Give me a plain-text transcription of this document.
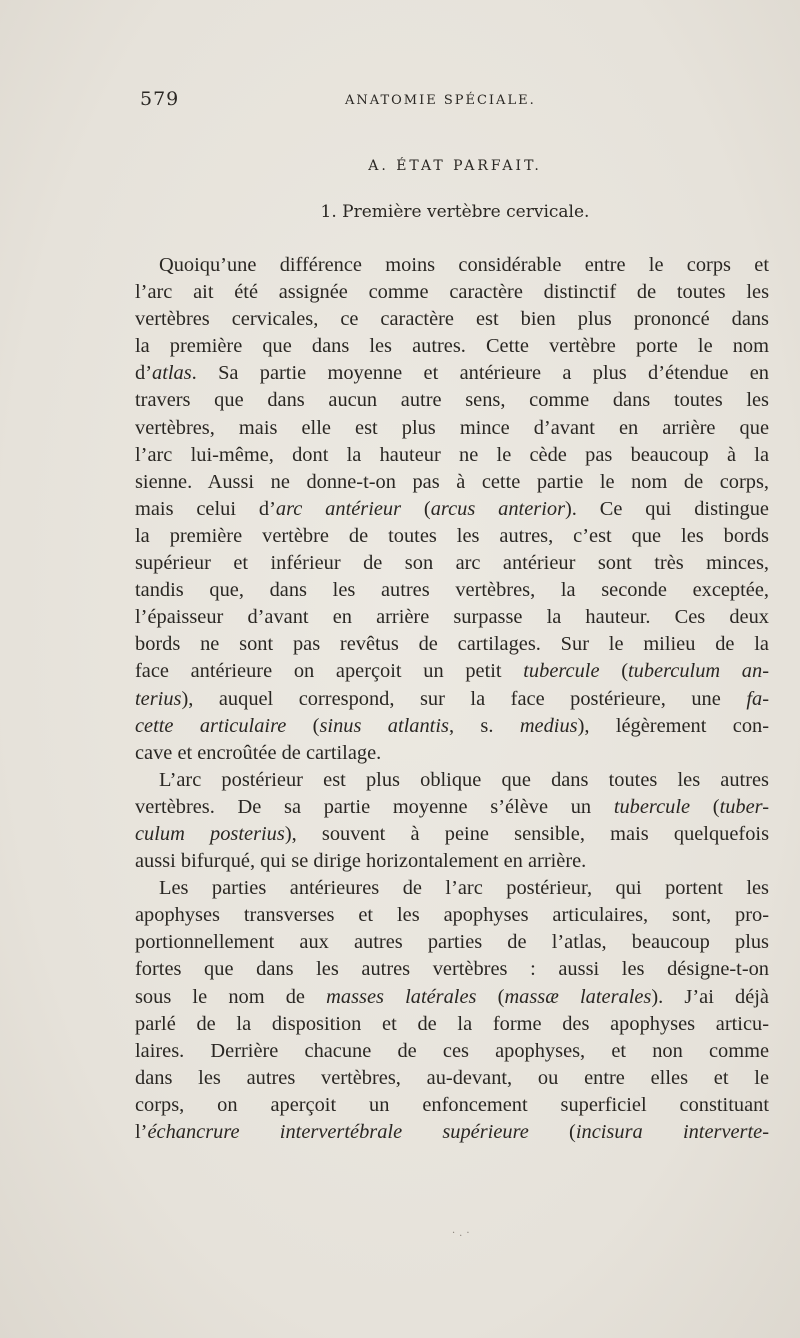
579	ANATOMIE SPÉCIALE.
A. ÉTAT PARFAIT.
1. Première vertèbre cervicale.
Quoiqu’une différence moins considérable entre le corps et
l’arc ait été assignée comme caractère distinctif de toutes les
vertèbres cervicales, ce caractère est bien plus prononcé dans
la première que dans les autres. Cette vertèbre porte le nom
d’atlas. Sa partie moyenne et antérieure a plus d’étendue en
travers que dans aucun autre sens, comme dans toutes les
vertèbres, mais elle est plus mince d’avant en arrière que
l’arc lui-même, dont la hauteur ne le cède pas beaucoup à la
sienne. Aussi ne donne-t-on pas à cette partie le nom de corps,
mais celui d’arc antérieur (arcus anterior). Ce qui distingue
la première vertèbre de toutes les autres, c’est que les bords
supérieur et inférieur de son arc antérieur sont très minces,
tandis que, dans les autres vertèbres, la seconde exceptée,
l’épaisseur d’avant en arrière surpasse la hauteur. Ces deux
bords ne sont pas revêtus de cartilages. Sur le milieu de la
face antérieure on aperçoit un petit tubercule (tuberculum an-
terius), auquel correspond, sur la face postérieure, une fa-
cette articulaire (sinus atlantis, s. medius), légèrement con-
cave et encroûtée de cartilage.
L’arc postérieur est plus oblique que dans toutes les autres
vertèbres. De sa partie moyenne s’élève un tubercule (tuber-
culum posterius), souvent à peine sensible, mais quelquefois
aussi bifurqué, qui se dirige horizontalement en arrière.
Les parties antérieures de l’arc postérieur, qui portent les
apophyses transverses et les apophyses articulaires, sont, pro-
portionnellement aux autres parties de l’atlas, beaucoup plus
fortes que dans les autres vertèbres : aussi les désigne-t-on
sous le nom de masses latérales (massæ laterales). J’ai déjà
parlé de la disposition et de la forme des apophyses articu-
laires. Derrière chacune de ces apophyses, et non comme
dans les autres vertèbres, au-devant, ou entre elles et le
corps, on aperçoit un enfoncement superficiel constituant
l’échancrure intervertébrale supérieure (incisura interverte-
·.·
